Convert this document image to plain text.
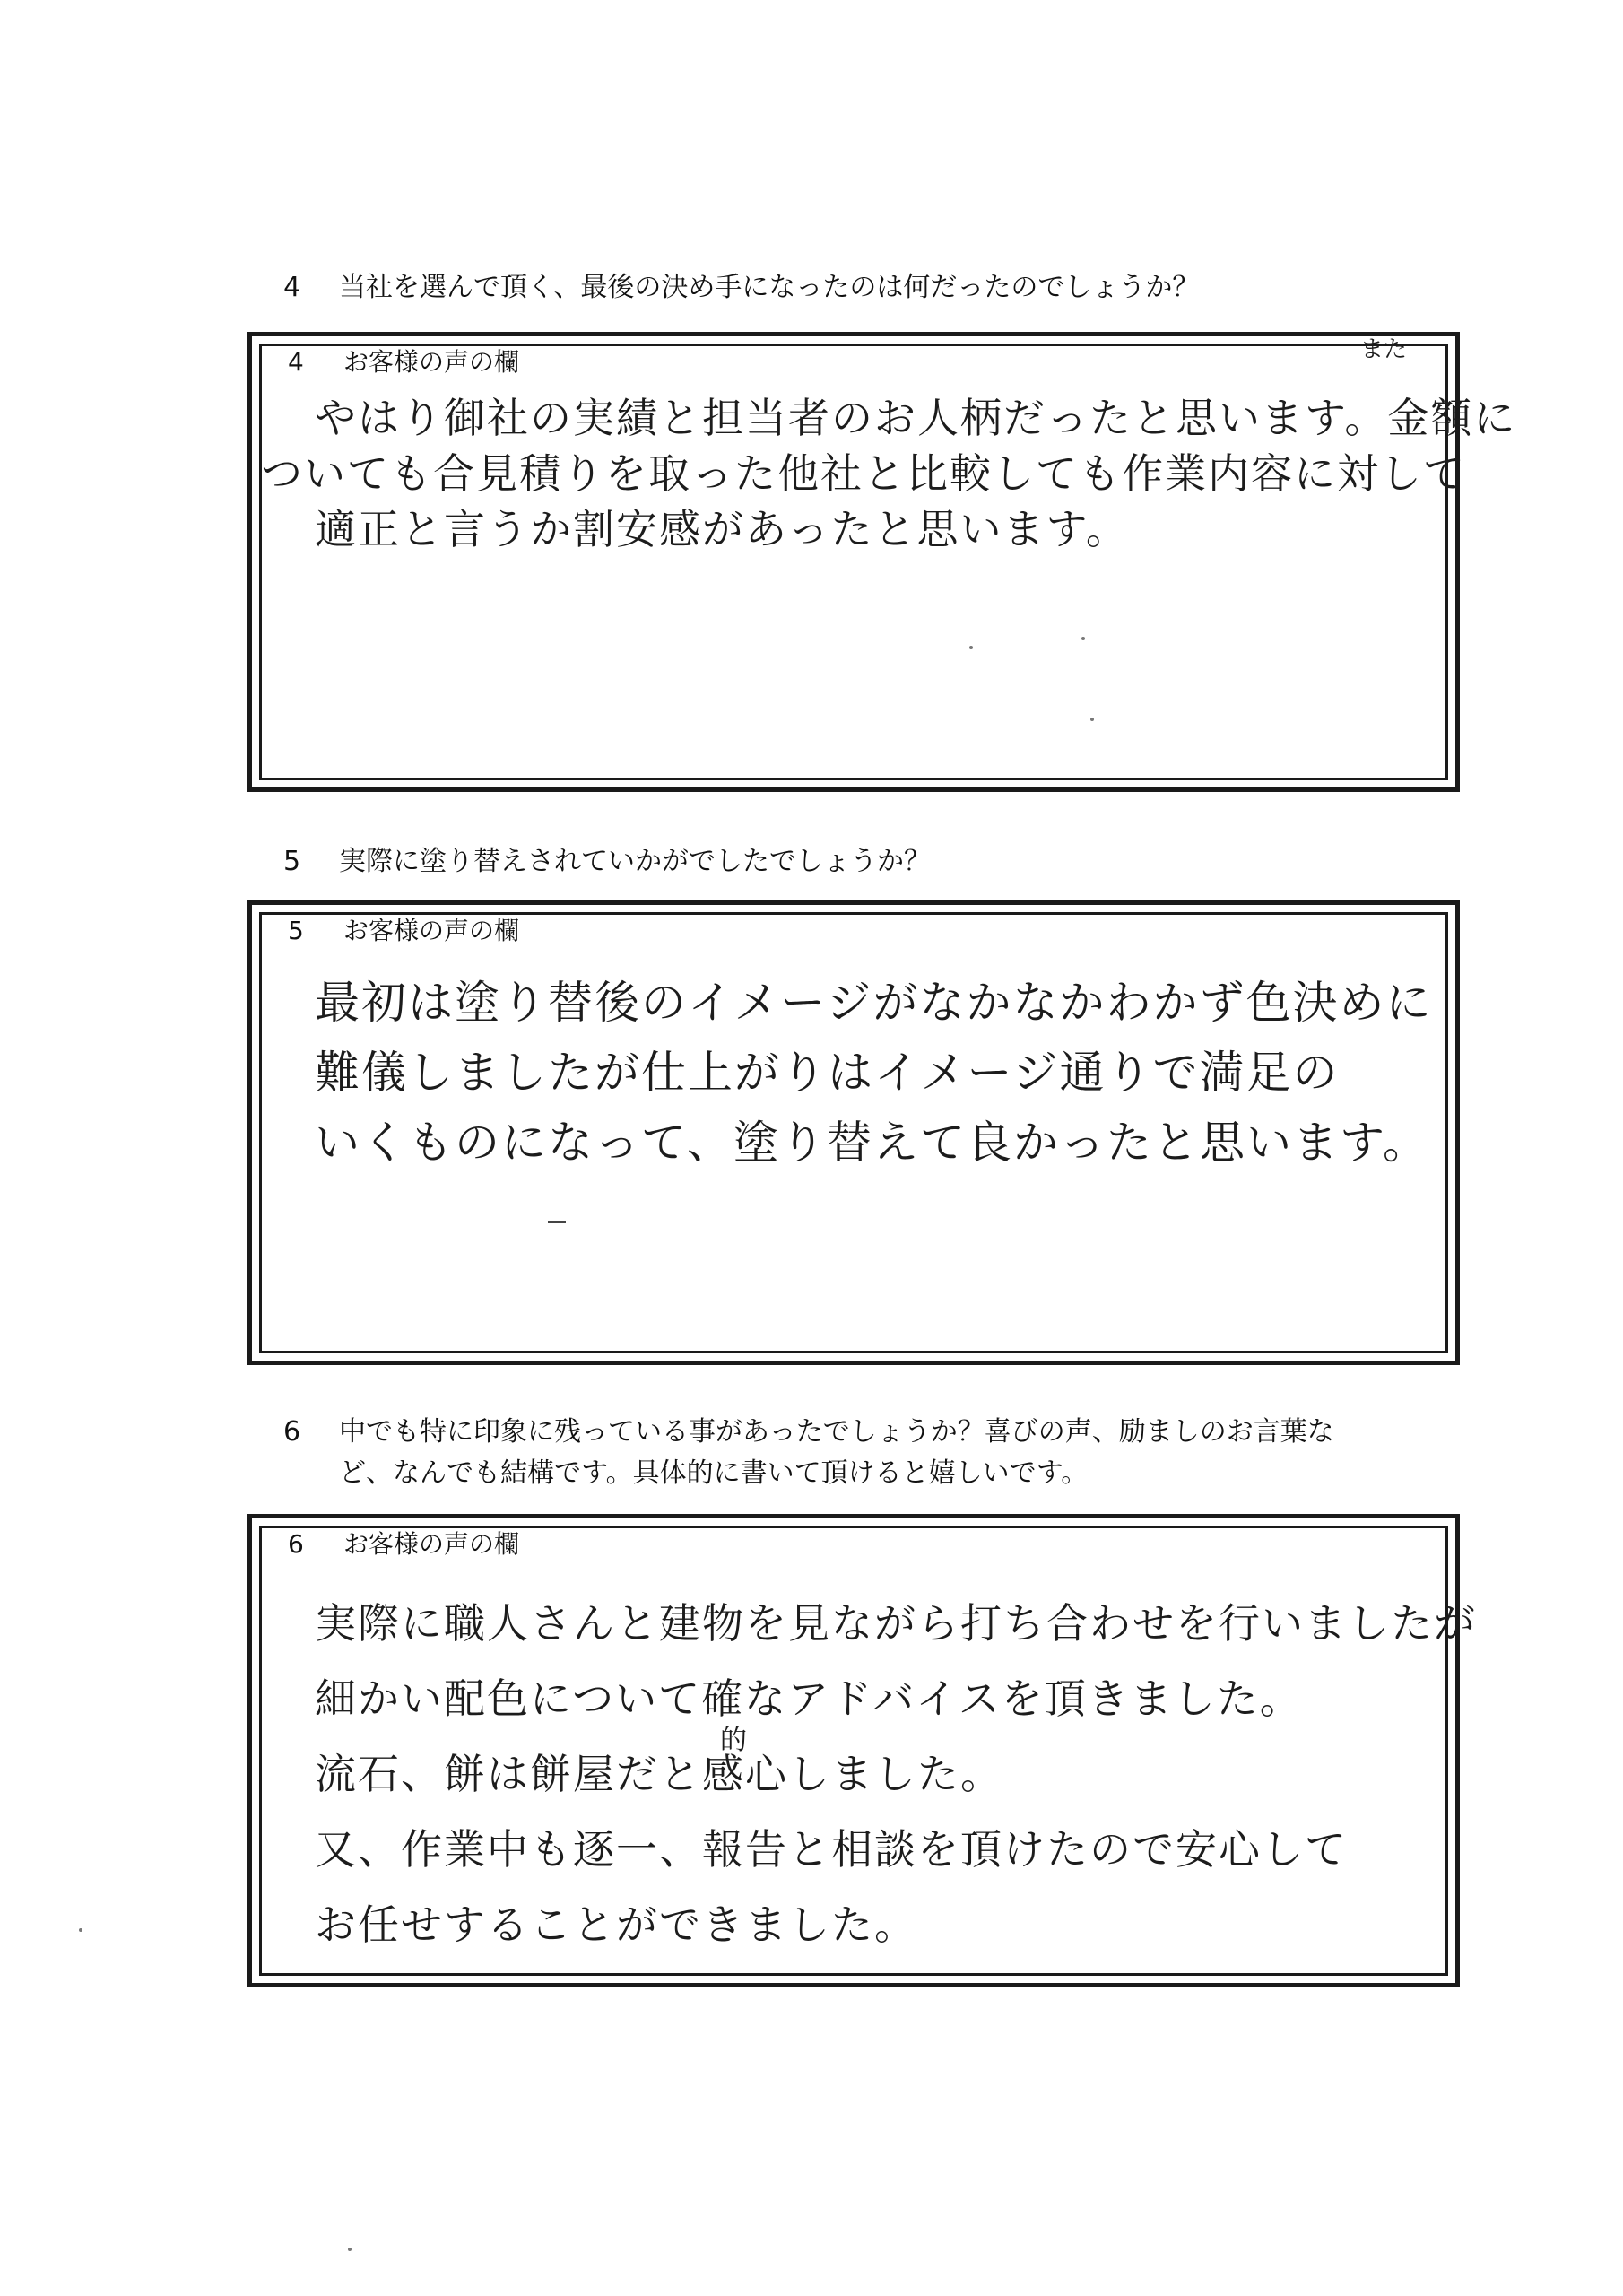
4	当社を選んで頂く、最後の決め手になったのは何だったのでしょうか？
4	お客様の声の欄	また
やはり御社の実績と担当者のお人柄だったと思います。金額に
ついても合見積りを取った他社と比較しても作業内容に対して
適正と言うか割安感があったと思います。
5	実際に塗り替えされていかがでしたでしょうか？
5	お客様の声の欄
最初は塗り替後のイメージがなかなかわかず色決めに
難儀しましたが仕上がりはイメージ通りで満足の
いくものになって、塗り替えて良かったと思います。
6	中でも特に印象に残っている事があったでしょうか？喜びの声、励ましのお言葉な
ど、なんでも結構です。具体的に書いて頂けると嬉しいです。
6	お客様の声の欄
的
実際に職人さんと建物を見ながら打ち合わせを行いましたが
細かい配色について確なアドバイスを頂きました。
流石、餅は餅屋だと感心しました。
又、作業中も逐一、報告と相談を頂けたので安心して
お任せすることができました。
